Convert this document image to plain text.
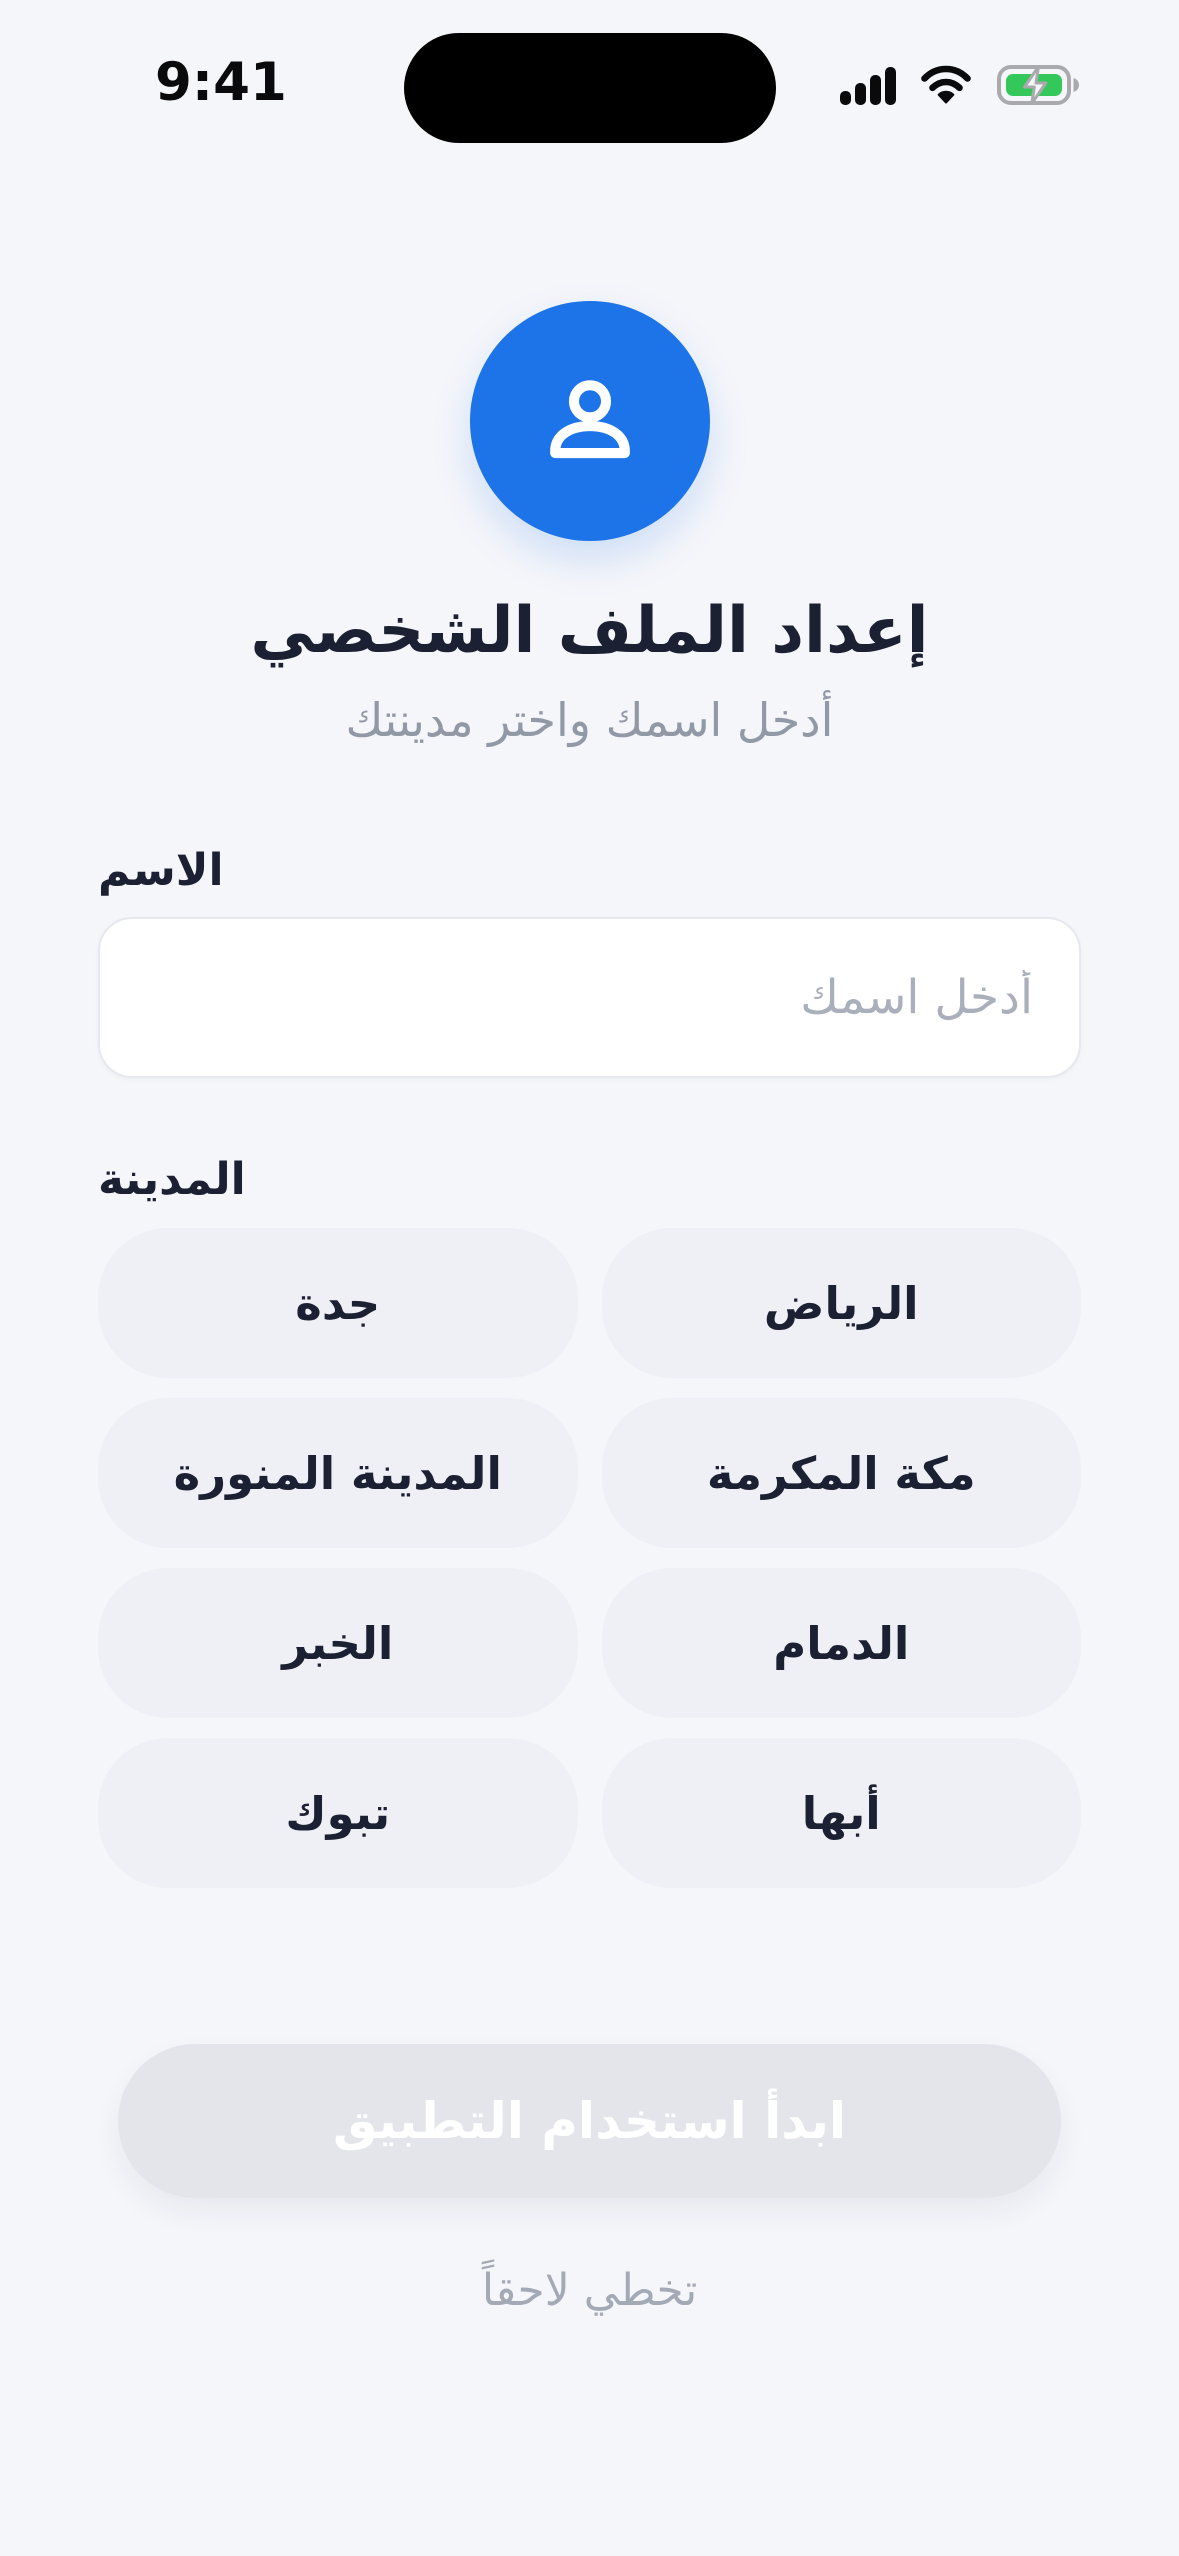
9:41
إعداد الملف الشخصي

أدخل اسمك واختر مدينتك

الاسم
أدخل اسمك
المدينة
الرياض
جدة
مكة المكرمة
المدينة المنورة
الدمام
الخبر
أبها
تبوك
ابدأ استخدام التطبيق
تخطي لاحقاً
